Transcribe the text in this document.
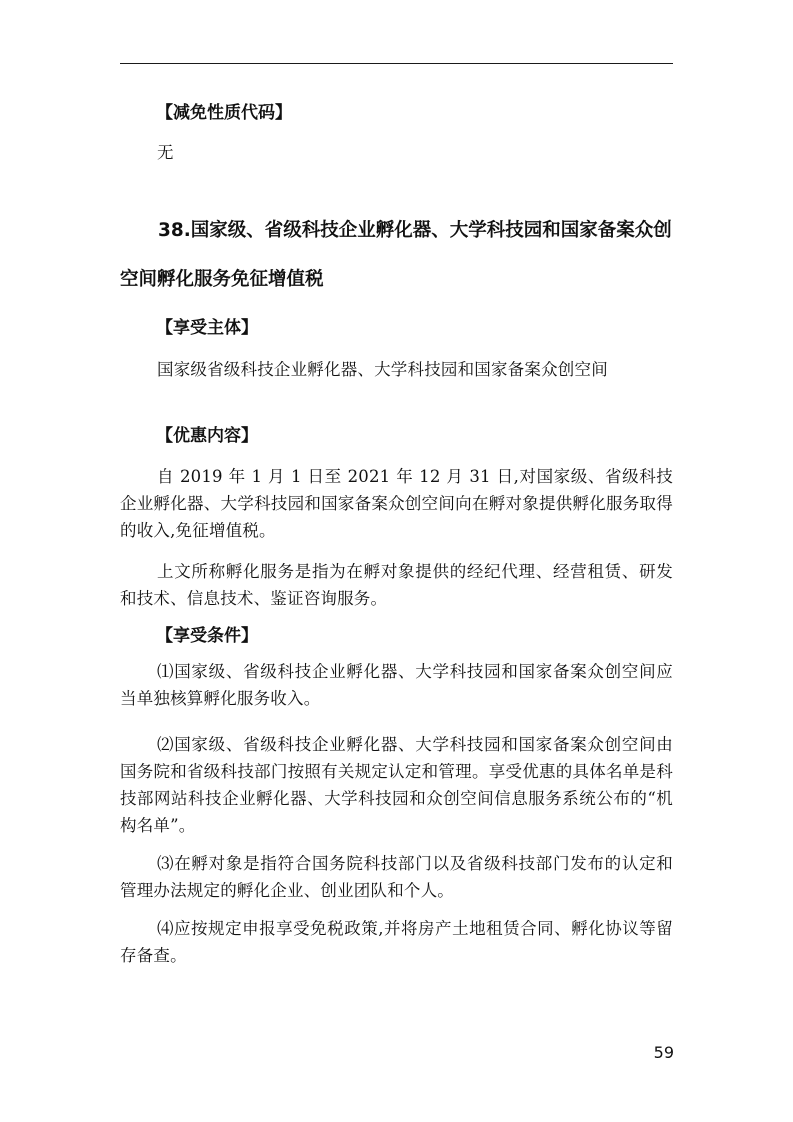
【减免性质代码】
无
38.国家级、省级科技企业孵化器、大学科技园和国家备案众创空间孵化服务免征增值税
【享受主体】
国家级省级科技企业孵化器、大学科技园和国家备案众创空间
【优惠内容】
自 2019 年 1 月 1 日至 2021 年 12 月 31 日,对国家级、省级科技企业孵化器、大学科技园和国家备案众创空间向在孵对象提供孵化服务取得的收入,免征增值税。
上文所称孵化服务是指为在孵对象提供的经纪代理、经营租赁、研发和技术、信息技术、鉴证咨询服务。
【享受条件】
⑴国家级、省级科技企业孵化器、大学科技园和国家备案众创空间应当单独核算孵化服务收入。
⑵国家级、省级科技企业孵化器、大学科技园和国家备案众创空间由国务院和省级科技部门按照有关规定认定和管理。享受优惠的具体名单是科技部网站科技企业孵化器、大学科技园和众创空间信息服务系统公布的“机构名单”。
⑶在孵对象是指符合国务院科技部门以及省级科技部门发布的认定和管理办法规定的孵化企业、创业团队和个人。
⑷应按规定申报享受免税政策,并将房产土地租赁合同、孵化协议等留存备查。
59
